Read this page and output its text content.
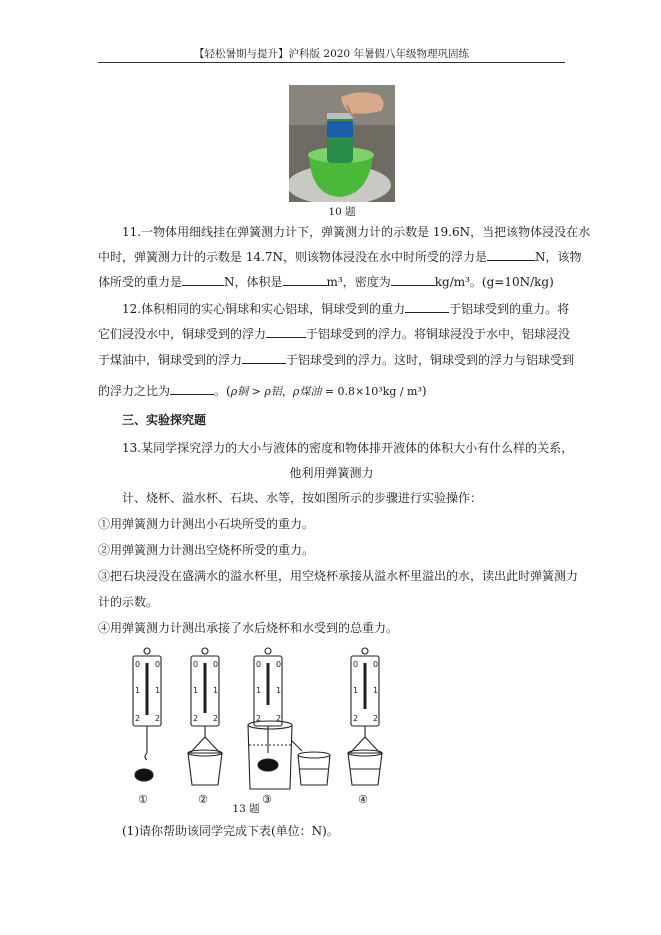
【轻松暑期与提升】沪科版 2020 年暑假八年级物理巩固练
10 题
11.一物体用细线挂在弹簧测力计下，弹簧测力计的示数是 19.6N，当把该物体浸没在水
中时，弹簧测力计的示数是 14.7N，则该物体浸没在水中时所受的浮力是	N，该物
体所受的重力是	N，体积是	m³，密度为	kg/m³。(g=10N/kg)
12.体积相同的实心铜球和实心铝球，铜球受到的重力	于铝球受到的重力。将
它们浸没水中，铜球受到的浮力	于铝球受到的浮力。将铜球浸没于水中，铝球浸没
于煤油中，铜球受到的浮力	于铝球受到的浮力。这时，铜球受到的浮力与铝球受到
的浮力之比为	。(ρ铜 > ρ铝，ρ煤油 = 0.8×10³kg / m³)
三、实验探究题
13.某同学探究浮力的大小与液体的密度和物体排开液体的体积大小有什么样的关系，
他利用弹簧测力
计、烧杯、溢水杯、石块、水等，按如图所示的步骤进行实验操作：
①用弹簧测力计测出小石块所受的重力。
②用弹簧测力计测出空烧杯所受的重力。
③把石块浸没在盛满水的溢水杯里，用空烧杯承接从溢水杯里溢出的水，读出此时弹簧测力
计的示数。
④用弹簧测力计测出承接了水后烧杯和水受到的总重力。
0 0
1 1
2 2
0 0
1 1
2 2
0 0
1 1
2 2
0 0
1 1
2 2
①	②	③	④
13 题
(1)请你帮助该同学完成下表(单位：N)。
